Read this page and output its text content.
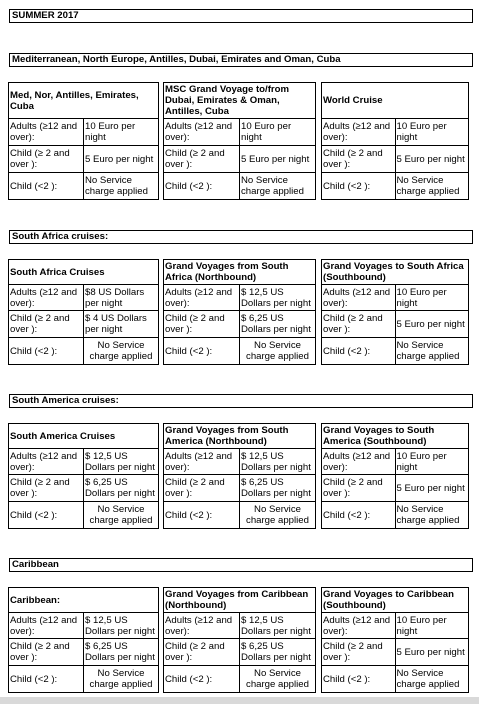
SUMMER 2017
Mediterranean, North Europe, Antilles, Dubai, Emirates and Oman, Cuba
Med, Nor, Antilles, Emirates, Cuba	
Adults (≥12 and over):	10 Euro per night
Child (≥ 2 and over ):	5 Euro per night
Child (<2 ):	No Service charge applied
MSC Grand Voyage to/from Dubai, Emirates & Oman, Antilles, Cuba	
Adults (≥12 and over):	10 Euro per night
Child (≥ 2 and over ):	5 Euro per night
Child (<2 ):	No Service charge applied
World Cruise	
Adults (≥12 and over):	10 Euro per night
Child (≥ 2 and over ):	5 Euro per night
Child (<2 ):	No Service charge applied
South Africa cruises:
South Africa Cruises	
Adults (≥12 and over):	$8 US Dollars per night
Child (≥ 2 and over ):	$ 4 US Dollars per night
Child (<2 ):	No Service charge applied
Grand Voyages from South Africa (Northbound)	
Adults (≥12 and over):	$ 12,5 US Dollars per night
Child (≥ 2 and over ):	$ 6,25 US Dollars per night
Child (<2 ):	No Service charge applied
Grand Voyages to South Africa (Southbound)	
Adults (≥12 and over):	10 Euro per night
Child (≥ 2 and over ):	5 Euro per night
Child (<2 ):	No Service charge applied
South America cruises:
South America Cruises	
Adults (≥12 and over):	$ 12,5 US Dollars per night
Child (≥ 2 and over ):	$ 6,25 US Dollars per night
Child (<2 ):	No Service charge applied
Grand Voyages from South America (Northbound)	
Adults (≥12 and over):	$ 12,5 US Dollars per night
Child (≥ 2 and over ):	$ 6,25 US Dollars per night
Child (<2 ):	No Service charge applied
Grand Voyages to South America (Southbound)	
Adults (≥12 and over):	10 Euro per night
Child (≥ 2 and over ):	5 Euro per night
Child (<2 ):	No Service charge applied
Caribbean
Caribbean:	
Adults (≥12 and over):	$ 12,5 US Dollars per night
Child (≥ 2 and over ):	$ 6,25 US Dollars per night
Child (<2 ):	No Service charge applied
Grand Voyages from Caribbean (Northbound)	
Adults (≥12 and over):	$ 12,5 US Dollars per night
Child (≥ 2 and over ):	$ 6,25 US Dollars per night
Child (<2 ):	No Service charge applied
Grand Voyages to Caribbean (Southbound)	
Adults (≥12 and over):	10 Euro per night
Child (≥ 2 and over ):	5 Euro per night
Child (<2 ):	No Service charge applied
